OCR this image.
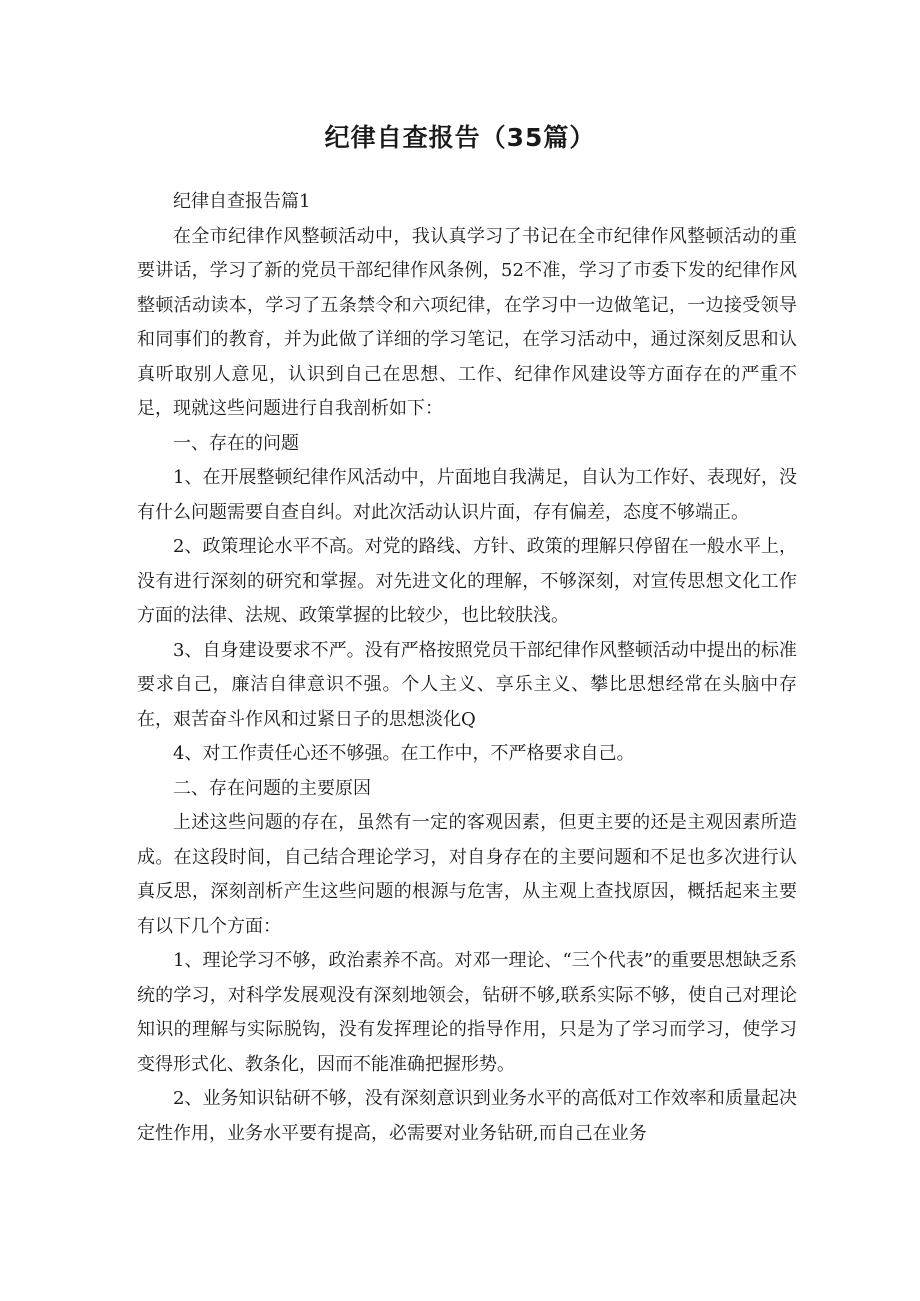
纪律自查报告（35篇）

纪律自查报告篇1

在全市纪律作风整顿活动中，我认真学习了书记在全市纪律作风整顿活动的重要讲话，学习了新的党员干部纪律作风条例，52不准，学习了市委下发的纪律作风整顿活动读本，学习了五条禁令和六项纪律，在学习中一边做笔记，一边接受领导和同事们的教育，并为此做了详细的学习笔记，在学习活动中，通过深刻反思和认真听取别人意见，认识到自己在思想、工作、纪律作风建设等方面存在的严重不足，现就这些问题进行自我剖析如下：

一、存在的问题

1、在开展整顿纪律作风活动中，片面地自我满足，自认为工作好、表现好，没有什么问题需要自查自纠。对此次活动认识片面，存有偏差，态度不够端正。

2、政策理论水平不高。对党的路线、方针、政策的理解只停留在一般水平上，没有进行深刻的研究和掌握。对先进文化的理解，不够深刻，对宣传思想文化工作方面的法律、法规、政策掌握的比较少，也比较肤浅。

3、自身建设要求不严。没有严格按照党员干部纪律作风整顿活动中提出的标准要求自己，廉洁自律意识不强。个人主义、享乐主义、攀比思想经常在头脑中存在，艰苦奋斗作风和过紧日子的思想淡化Q

4、对工作责任心还不够强。在工作中，不严格要求自己。

二、存在问题的主要原因

上述这些问题的存在，虽然有一定的客观因素，但更主要的还是主观因素所造成。在这段时间，自己结合理论学习，对自身存在的主要问题和不足也多次进行认真反思，深刻剖析产生这些问题的根源与危害，从主观上查找原因，概括起来主要有以下几个方面：

1、理论学习不够，政治素养不高。对邓一理论、“三个代表”的重要思想缺乏系统的学习，对科学发展观没有深刻地领会，钻研不够,联系实际不够，使自己对理论知识的理解与实际脱钩，没有发挥理论的指导作用，只是为了学习而学习，使学习变得形式化、教条化，因而不能准确把握形势。

2、业务知识钻研不够，没有深刻意识到业务水平的高低对工作效率和质量起决定性作用，业务水平要有提高，必需要对业务钻研,而自己在业务
